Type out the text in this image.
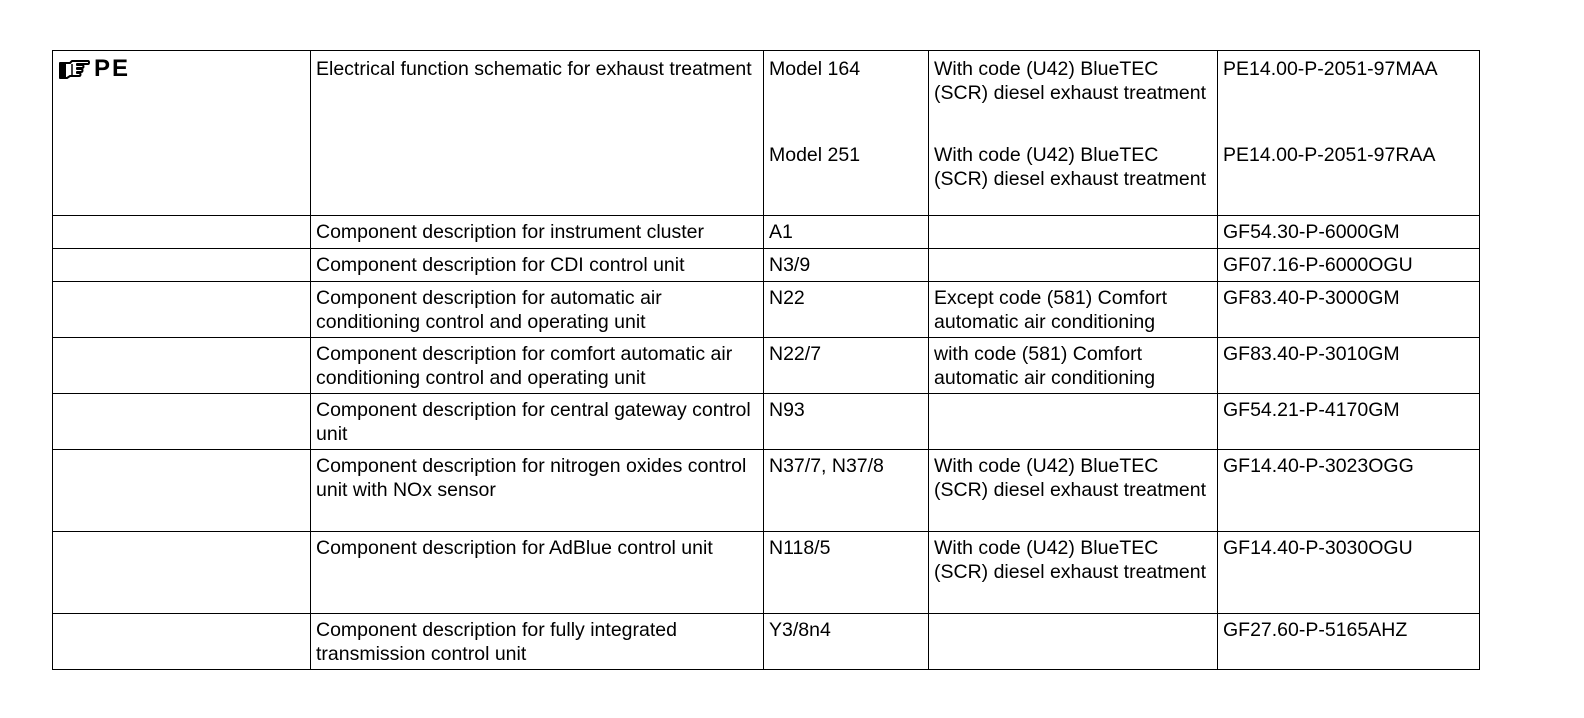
PE	Electrical function schematic for exhaust treatment	Model 164	With code (U42) BlueTEC (SCR) diesel exhaust treatment	PE14.00-P-2051-97MAA
		Model 251	With code (U42) BlueTEC (SCR) diesel exhaust treatment	PE14.00-P-2051-97RAA
	Component description for instrument cluster	A1		GF54.30-P-6000GM
	Component description for CDI control unit	N3/9		GF07.16-P-6000OGU
	Component description for automatic air conditioning control and operating unit	N22	Except code (581) Comfort automatic air conditioning	GF83.40-P-3000GM
	Component description for comfort automatic air conditioning control and operating unit	N22/7	with code (581) Comfort automatic air conditioning	GF83.40-P-3010GM
	Component description for central gateway control unit	N93		GF54.21-P-4170GM
	Component description for nitrogen oxides control unit with NOx sensor	N37/7, N37/8	With code (U42) BlueTEC (SCR) diesel exhaust treatment	GF14.40-P-3023OGG
	Component description for AdBlue control unit	N118/5	With code (U42) BlueTEC (SCR) diesel exhaust treatment	GF14.40-P-3030OGU
	Component description for fully integrated transmission control unit	Y3/8n4		GF27.60-P-5165AHZ
